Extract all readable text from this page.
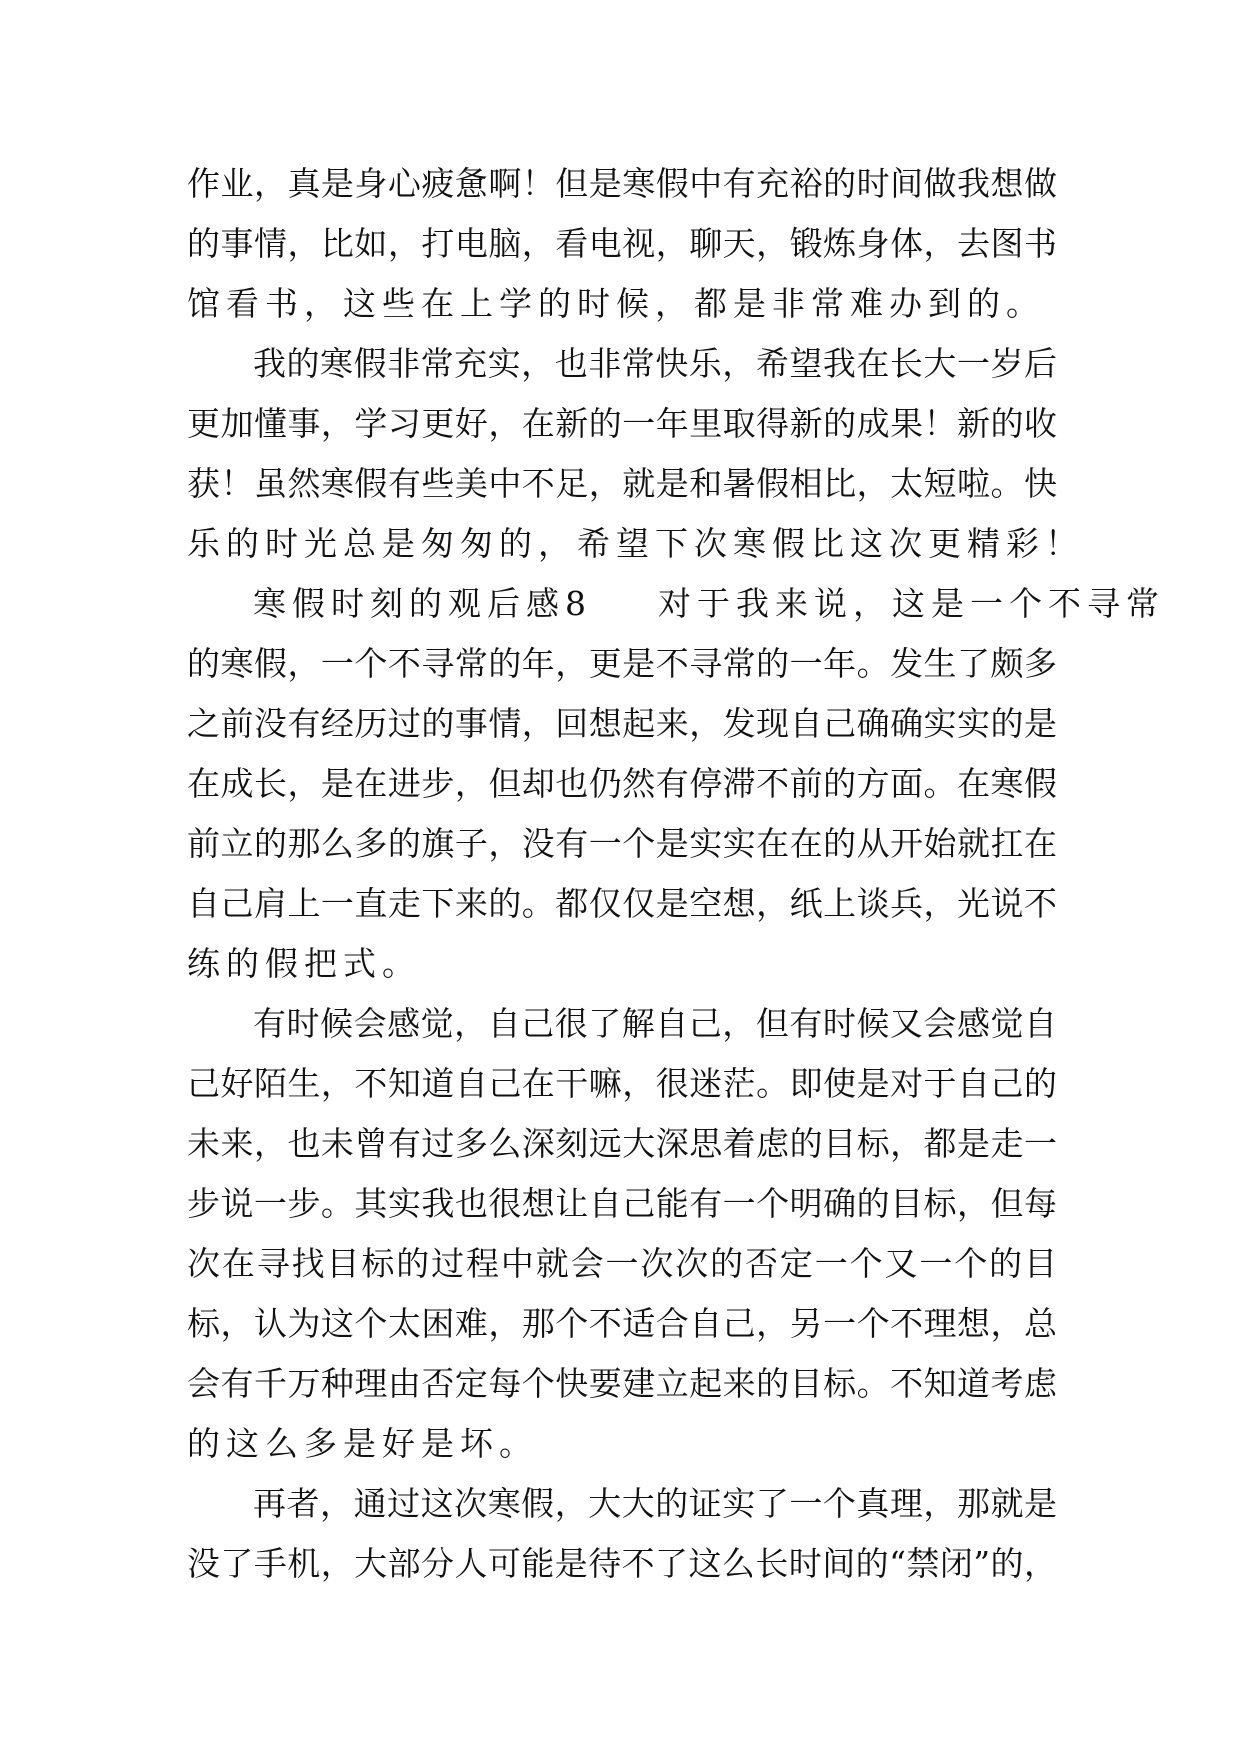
作业，真是身心疲惫啊！但是寒假中有充裕的时间做我想做
的事情，比如，打电脑，看电视，聊天，锻炼身体，去图书
馆看书，这些在上学的时候，都是非常难办到的。
我的寒假非常充实，也非常快乐，希望我在长大一岁后
更加懂事，学习更好，在新的一年里取得新的成果！新的收
获！虽然寒假有些美中不足，就是和暑假相比，太短啦。快
乐的时光总是匆匆的，希望下次寒假比这次更精彩！
寒假时刻的观后感8 对于我来说，这是一个不寻常
的寒假，一个不寻常的年，更是不寻常的一年。发生了颇多
之前没有经历过的事情，回想起来，发现自己确确实实的是
在成长，是在进步，但却也仍然有停滞不前的方面。在寒假
前立的那么多的旗子，没有一个是实实在在的从开始就扛在
自己肩上一直走下来的。都仅仅是空想，纸上谈兵，光说不
练的假把式。
有时候会感觉，自己很了解自己，但有时候又会感觉自
己好陌生，不知道自己在干嘛，很迷茫。即使是对于自己的
未来，也未曾有过多么深刻远大深思着虑的目标，都是走一
步说一步。其实我也很想让自己能有一个明确的目标，但每
次在寻找目标的过程中就会一次次的否定一个又一个的目
标，认为这个太困难，那个不适合自己，另一个不理想，总
会有千万种理由否定每个快要建立起来的目标。不知道考虑
的这么多是好是坏。
再者，通过这次寒假，大大的证实了一个真理，那就是
没了手机，大部分人可能是待不了这么长时间的“禁闭”的，
